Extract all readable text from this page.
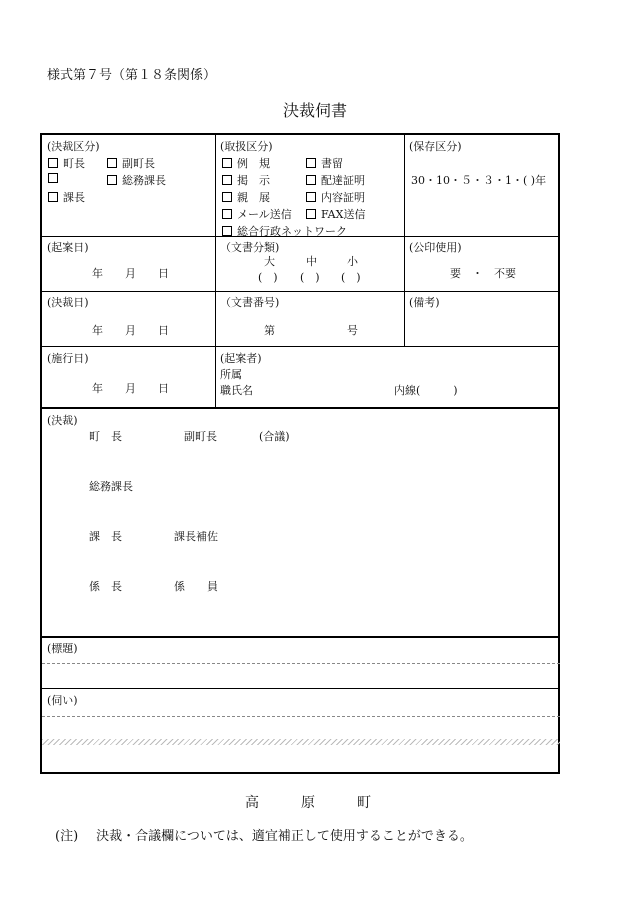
様式第７号（第１８条関係）
決裁伺書
(決裁区分)
町長	副町長
総務課長
課長
(取扱区分)
例　規	書留
掲　示	配達証明
親　展	内容証明
メール送信	FAX送信
総合行政ネットワーク
(保存区分)
30・10・５・３・1・( )年
(起案日)
年　　月　　日
（文書分類)
大	中	小
(　) (　) (　)
(公印使用)
要　・　不要
(決裁日)
年　　月　　日
（文書番号)
第	号
(備考)
(施行日)
年　　月　　日
(起案者)
所属
職氏名	内線(　　　)
(決裁)
町　長	副町長	(合議)
総務課長
課　長	課長補佐
係　長	係　　員
(標題)
(伺い)
高　原　町
(注) 決裁・合議欄については、適宜補正して使用することができる。
